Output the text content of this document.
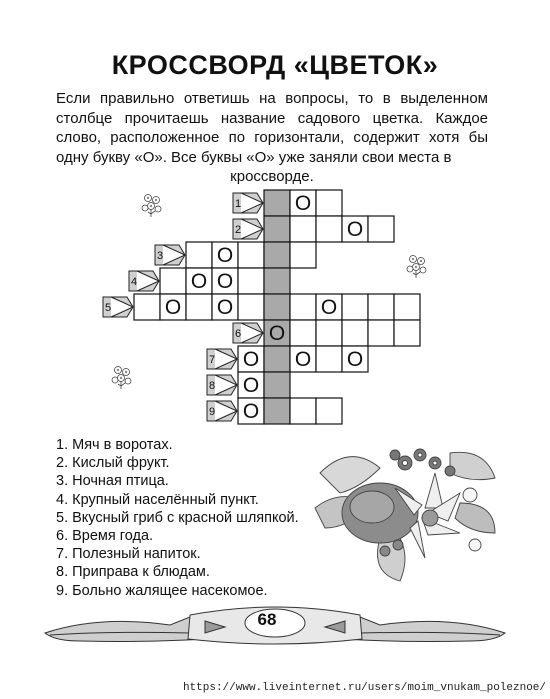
КРОССВОРД «ЦВЕТОК»
Если правильно ответишь на вопросы, то в выделенном столбце прочитаешь название садового цветка. Каждое слово, расположенное по горизонтали, содержит хотя бы одну букву «О». Все буквы «О» уже заняли свои места в
кроссворде.
О
1
О
2
О
3
О О
4
О О	О
5
О
6
О О О
7
О
8
О
9
1. Мяч в воротах.
2. Кислый фрукт.
3. Ночная птица.
4. Крупный населённый пункт.
5. Вкусный гриб с красной шляпкой.
6. Время года.
7. Полезный напиток.
8. Приправа к блюдам.
9. Больно жалящее насекомое.
68
https://www.liveinternet.ru/users/moim_vnukam_poleznoe/
